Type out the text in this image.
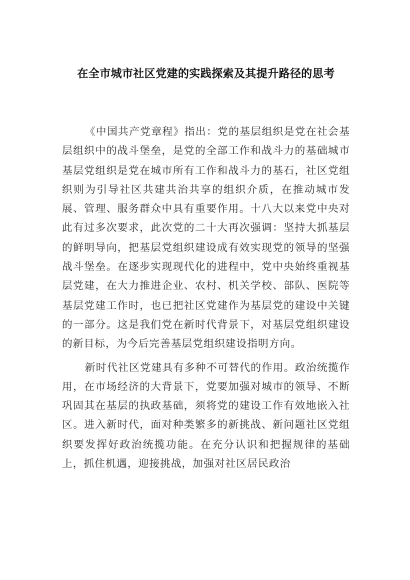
在全市城市社区党建的实践探索及其提升路径的思考

《中国共产党章程》指出：党的基层组织是党在社会基层组织中的战斗堡垒，是党的全部工作和战斗力的基础城市基层党组织是党在城市所有工作和战斗力的基石，社区党组织则为引导社区共建共治共享的组织介质，在推动城市发展、管理、服务群众中具有重要作用。十八大以来党中央对此有过多次要求，此次党的二十大再次强调：坚持大抓基层的鲜明导向，把基层党组织建设成有效实现党的领导的坚强战斗堡垒。在逐步实现现代化的进程中，党中央始终重视基层党建，在大力推进企业、农村、机关学校、部队、医院等基层党建工作时，也已把社区党建作为基层党的建设中关键的一部分。这是我们党在新时代背景下，对基层党组织建设的新目标，为今后完善基层党组织建设指明方向。

新时代社区党建具有多种不可替代的作用。政治统揽作用，在市场经济的大背景下，党要加强对城市的领导、不断巩固其在基层的执政基础，须将党的建设工作有效地嵌入社区。进入新时代，面对种类繁多的新挑战、新问题社区党组织要发挥好政治统揽功能。在充分认识和把握规律的基础上，抓住机遇，迎接挑战，加强对社区居民政治
